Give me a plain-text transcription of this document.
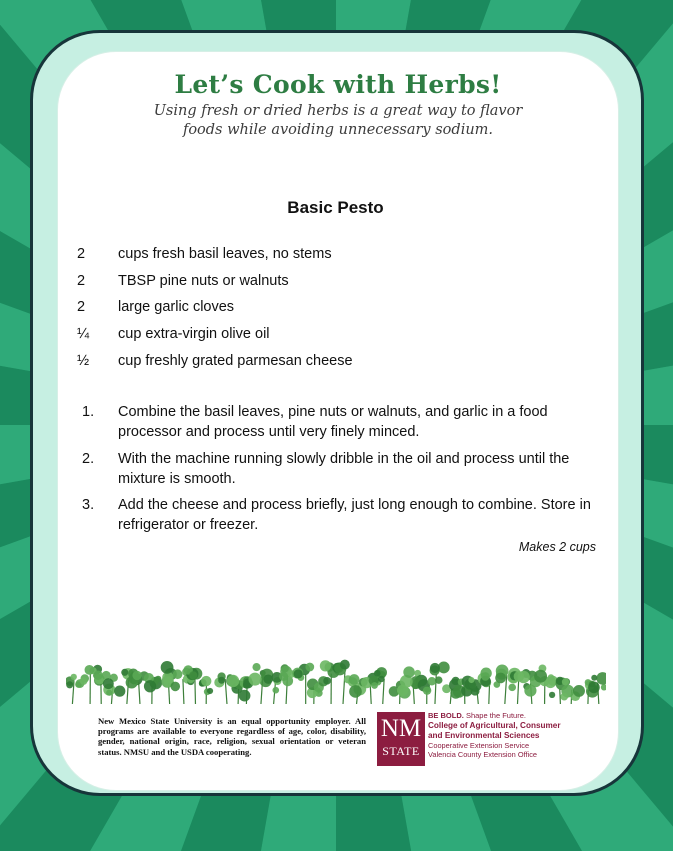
Let’s Cook with Herbs!

Using fresh or dried herbs is a great way to flavor
foods while avoiding unnecessary sodium.

Basic Pesto
2 cups fresh basil leaves, no stems
2 TBSP pine nuts or walnuts
2 large garlic cloves
¼ cup extra-virgin olive oil
½ cup freshly grated parmesan cheese
1. Combine the basil leaves, pine nuts or walnuts, and garlic in a food processor and process until very finely minced.
2. With the machine running slowly dribble in the oil and process until the mixture is smooth.
3. Add the cheese and process briefly, just long enough to combine. Store in refrigerator or freezer.
Makes 2 cups

New Mexico State University is an equal opportunity employer. All programs are available to everyone regardless of age, color, disability, gender, national origin, race, religion, sexual orientation or veteran status. NMSU and the USDA cooperating.

NM
STATE
BE BOLD. Shape the Future.
College of Agricultural, Consumer
and Environmental Sciences
Cooperative Extension Service
Valencia County Extension Office
